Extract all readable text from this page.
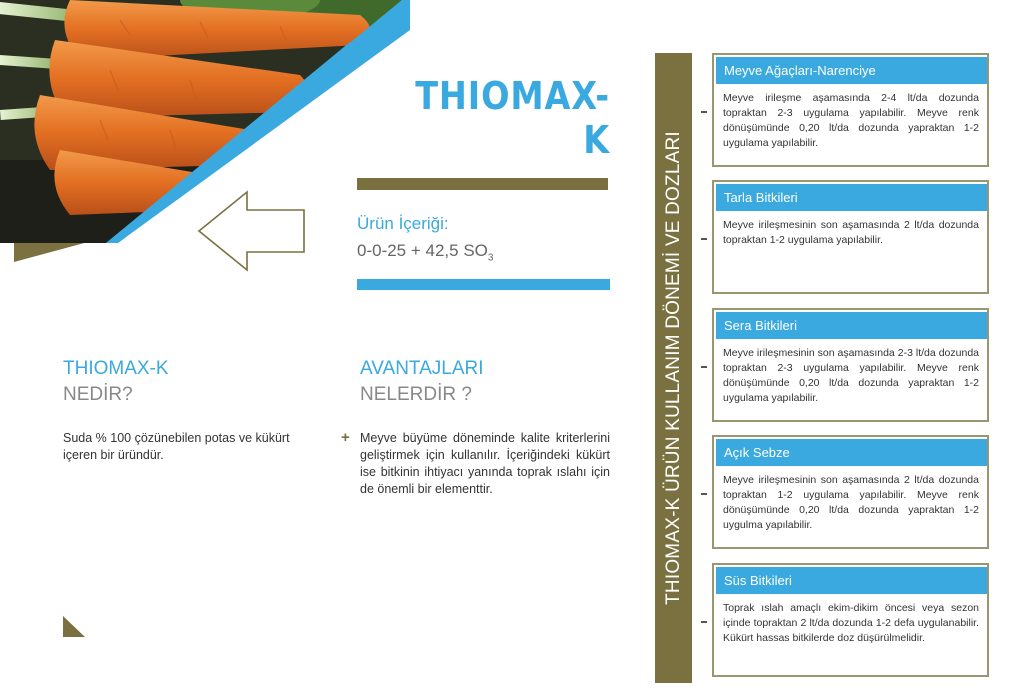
THIOMAX-K
Ürün İçeriği:
0-0-25 + 42,5 $SO_3$
THIOMAX-K
NEDİR?
Suda % 100 çözünebilen potas ve kükürt içeren bir üründür.
AVANTAJLARI
NELERDİR ?
+ Meyve büyüme döneminde kalite kriterlerini geliştirmek için kullanılır. İçeriğindeki kükürt ise bitkinin ihtiyacı yanında toprak ıslahı için de önemli bir elementtir.	THIOMAX-K ÜRÜN KULLANIM DÖNEMİ VE DOZLARI
Meyve Ağaçları-Narenciye
Meyve irileşme aşamasında 2-4 lt/da dozunda topraktan 2-3 uygulama yapılabilir. Meyve renk dönüşümünde 0,20 lt/da dozunda yapraktan 1-2 uygulama yapılabilir.
Tarla Bitkileri
Meyve irileşmesinin son aşamasında 2 lt/da dozunda topraktan 1-2 uygulama yapılabilir.
Sera Bitkileri
Meyve irileşmesinin son aşamasında 2-3 lt/da dozunda topraktan 2-3 uygulama yapılabilir. Meyve renk dönüşümünde 0,20 lt/da dozunda yapraktan 1-2 uygulama yapılabilir.
Açık Sebze
Meyve irileşmesinin son aşamasında 2 lt/da dozunda topraktan 1-2 uygulama yapılabilir. Meyve renk dönüşümünde 0,20 lt/da dozunda yapraktan 1-2 uygulma yapılabilir.
Süs Bitkileri
Toprak ıslah amaçlı ekim-dikim öncesi veya sezon içinde topraktan 2 lt/da dozunda 1-2 defa uygulanabilir. Kükürt hassas bitkilerde doz düşürülmelidir.
